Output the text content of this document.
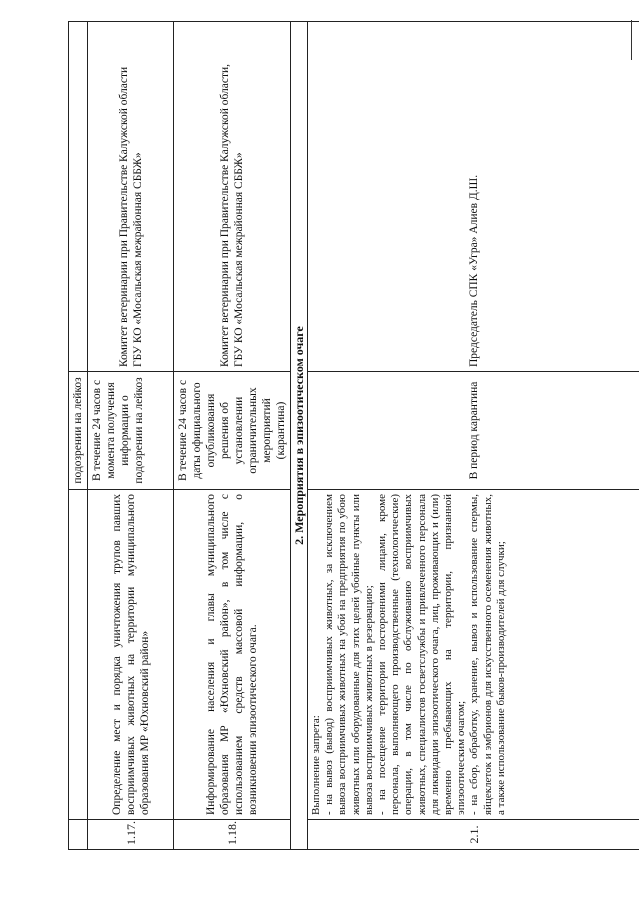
		подозрении на лейкоз	
1.17.	Определение мест и порядка уничтожения трупов павших восприимчивых животных на территории муниципального образования МР «Юхновский район»	В течение 24 часов с момента получения информации о подозрении на лейкоз	Комитет ветеринарии при Правительстве Калужской области ГБУ КО «Мосальская межрайонная СББЖ»

1.18.	Информирование населения и главы муниципального образования МР «Юхновский район», в том числе с использованием средств массовой информации, о возникновении эпизоотического очага.	В течение 24 часов с даты официального опубликования решения об установлении ограничительных мероприятий (карантина)	Комитет ветеринарии при Правительстве Калужской области, ГБУ КО «Мосальская межрайонная СББЖ»

2. Мероприятия в эпизоотическом очаге			
2.1.	Выполнение запрета: - на вывоз (вывод) восприимчивых животных, за исключением вывоза восприимчивых животных на убой на предприятия по убою животных или оборудованные для этих целей убойные пункты или вывоза восприимчивых животных в резервацию; - на посещение территории посторонними лицами, кроме персонала, выполняющего производственные (технологические) операции, в том числе по обслуживанию восприимчивых животных, специалистов госветслужбы и привлеченного персонала для ликвидации эпизоотического очага, лиц, проживающих и (или) временно пребывающих на территории, признанной эпизоотическим очагом; - на сбор, обработку, хранение, вывоз и использование спермы, яйцеклеток и эмбрионов для искусственного осеменения животных, а также использование быков-производителей для случки;	В период карантина	Председатель СПК «Угра» Алиев Д.Ш.
